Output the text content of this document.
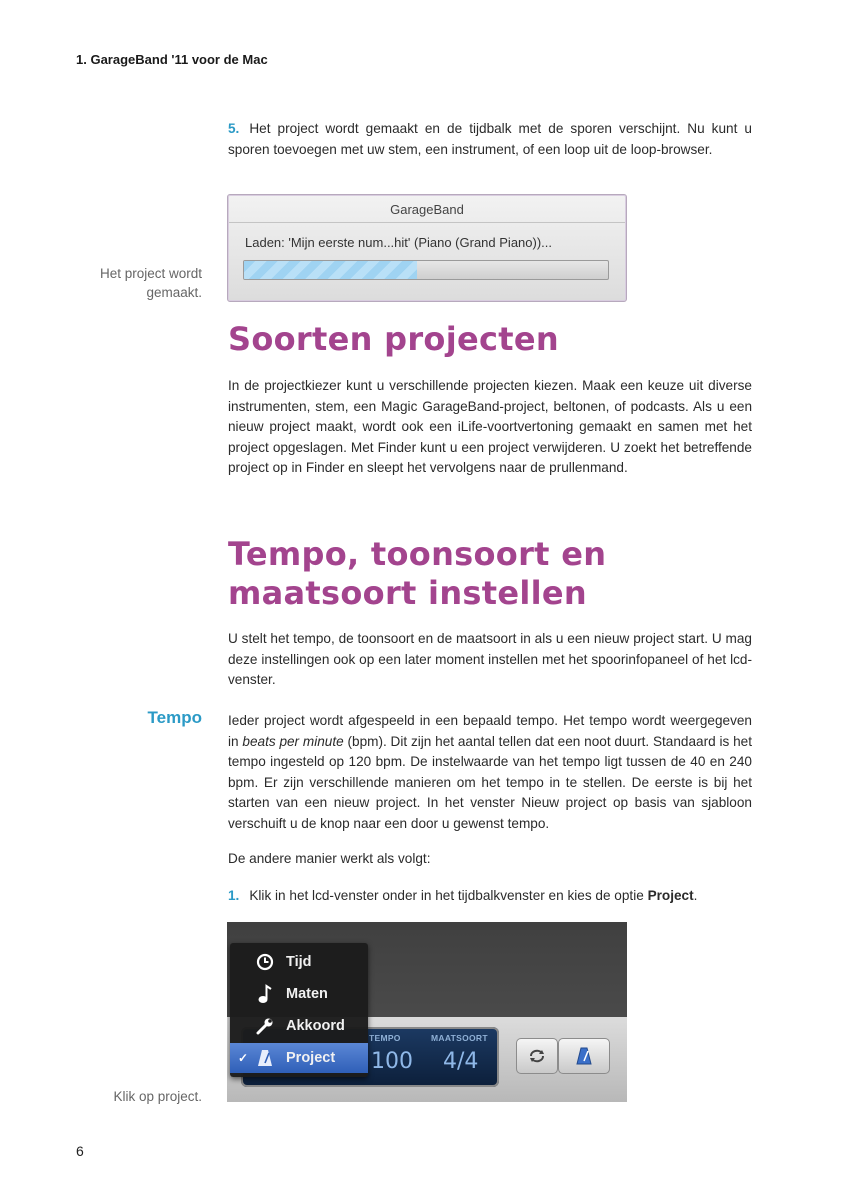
1. GarageBand '11 voor de Mac
5. Het project wordt gemaakt en de tijdbalk met de sporen verschijnt. Nu kunt u sporen toevoegen met uw stem, een instrument, of een loop uit de loop-browser.
GarageBand
Laden: 'Mijn eerste num...hit' (Piano (Grand Piano))...
Het project wordt gemaakt.
Soorten projecten
In de projectkiezer kunt u verschillende projecten kiezen. Maak een keuze uit diverse instrumenten, stem, een Magic GarageBand-project, beltonen, of podcasts. Als u een nieuw project maakt, wordt ook een iLife-voortvertoning gemaakt en samen met het project opgeslagen. Met Finder kunt u een project verwijderen. U zoekt het betreffende project op in Finder en sleept het vervolgens naar de prullenmand.
Tempo, toonsoort en
maatsoort instellen
U stelt het tempo, de toonsoort en de maatsoort in als u een nieuw project start. U mag deze instellingen ook op een later moment instellen met het spoorinfopaneel of het lcd-venster.
Tempo Ieder project wordt afgespeeld in een bepaald tempo. Het tempo wordt weergegeven in beats per minute (bpm). Dit zijn het aantal tellen dat een noot duurt. Standaard is het tempo ingesteld op 120 bpm. De instelwaarde van het tempo ligt tussen de 40 en 240 bpm. Er zijn verschillende manieren om het tempo in te stellen. De eerste is bij het starten van een nieuw project. In het venster Nieuw project op basis van sjabloon verschuift u de knop naar een door u gewenst tempo.
De andere manier werkt als volgt:
1. Klik in het lcd-venster onder in het tijdbalkvenster en kies de optie Project.
TEMPO	MAATSOORT
100 4/4
Tijd
Maten
Akkoord
✓	Project
Klik op project.
6
